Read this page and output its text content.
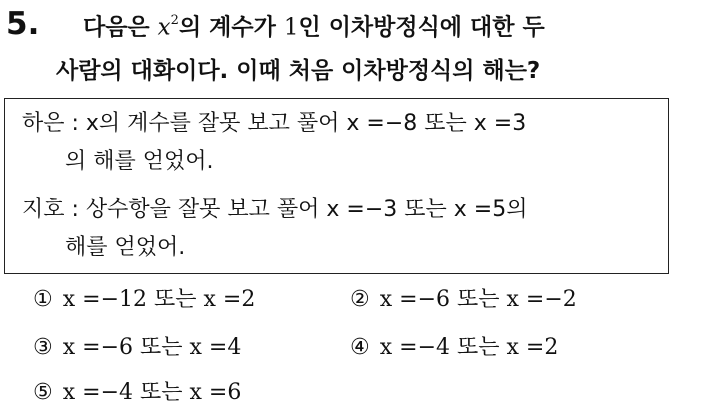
5. 다음은 $x^2$의 계수가 1인 이차방정식에 대한 두
사람의 대화이다. 이때 처음 이차방정식의 해는?
하은 : x의 계수를 잘못 보고 풀어 x =−8 또는 x =3
의 해를 얻었어.
지호 : 상수항을 잘못 보고 풀어 x =−3 또는 x =5의
해를 얻었어.
① x =−12 또는 x =2	② x =−6 또는 x =−2
③ x =−6 또는 x =4	④ x =−4 또는 x =2
⑤ x =−4 또는 x =6
